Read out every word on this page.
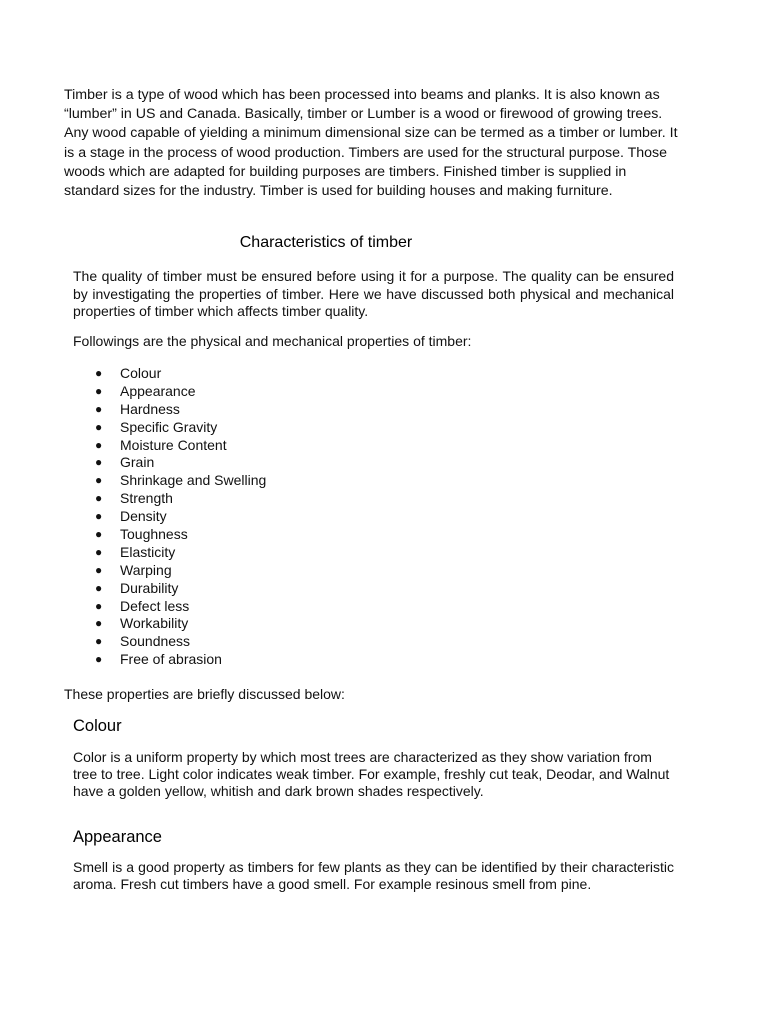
Timber is a type of wood which has been processed into beams and planks. It is also known as “lumber” in US and Canada. Basically, timber or Lumber is a wood or firewood of growing trees. Any wood capable of yielding a minimum dimensional size can be termed as a timber or lumber. It is a stage in the process of wood production. Timbers are used for the structural purpose. Those woods which are adapted for building purposes are timbers. Finished timber is supplied in standard sizes for the industry. Timber is used for building houses and making furniture.

Characteristics of timber

The quality of timber must be ensured before using it for a purpose. The quality can be ensured by investigating the properties of timber. Here we have discussed both physical and mechanical properties of timber which affects timber quality.

Followings are the physical and mechanical properties of timber:

● Colour
● Appearance
● Hardness
● Specific Gravity
● Moisture Content
● Grain
● Shrinkage and Swelling
● Strength
● Density
● Toughness
● Elasticity
● Warping
● Durability
● Defect less
● Workability
● Soundness
● Free of abrasion

These properties are briefly discussed below:

Colour

Color is a uniform property by which most trees are characterized as they show variation from tree to tree. Light color indicates weak timber. For example, freshly cut teak, Deodar, and Walnut have a golden yellow, whitish and dark brown shades respectively.

Appearance

Smell is a good property as timbers for few plants as they can be identified by their characteristic aroma. Fresh cut timbers have a good smell. For example resinous smell from pine.
